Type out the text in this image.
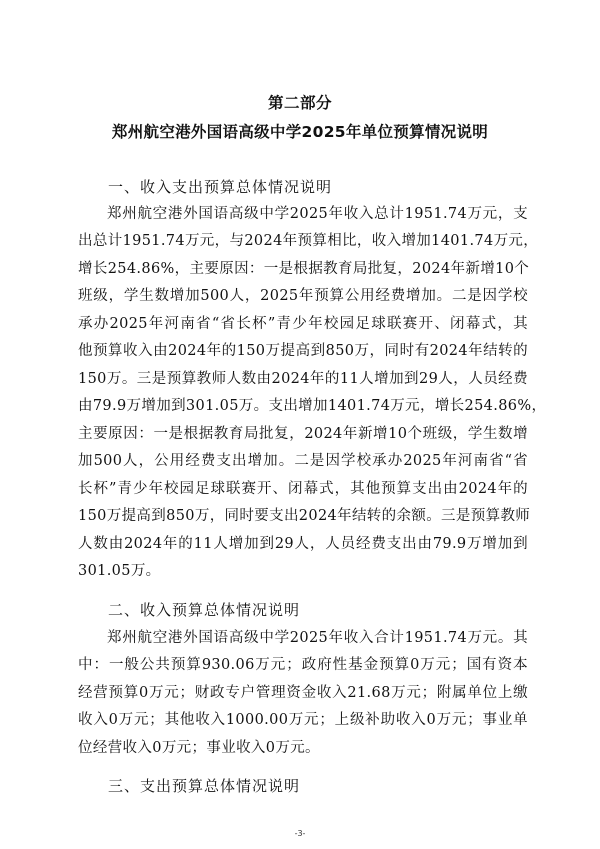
第二部分
郑州航空港外国语高级中学2025年单位预算情况说明
一、收入支出预算总体情况说明
郑州航空港外国语高级中学2025年收入总计1951.74万元，支
出总计1951.74万元，与2024年预算相比，收入增加1401.74万元，
增长254.86%，主要原因：一是根据教育局批复，2024年新增10个
班级，学生数增加500人，2025年预算公用经费增加。二是因学校
承办2025年河南省“省长杯”青少年校园足球联赛开、闭幕式，其
他预算收入由2024年的150万提高到850万，同时有2024年结转的
150万。三是预算教师人数由2024年的11人增加到29人，人员经费
由79.9万增加到301.05万。支出增加1401.74万元，增长254.86%，
主要原因：一是根据教育局批复，2024年新增10个班级，学生数增
加500人，公用经费支出增加。二是因学校承办2025年河南省“省
长杯”青少年校园足球联赛开、闭幕式，其他预算支出由2024年的
150万提高到850万，同时要支出2024年结转的余额。三是预算教师
人数由2024年的11人增加到29人，人员经费支出由79.9万增加到
301.05万。
二、收入预算总体情况说明
郑州航空港外国语高级中学2025年收入合计1951.74万元。其
中：一般公共预算930.06万元；政府性基金预算0万元；国有资本
经营预算0万元；财政专户管理资金收入21.68万元；附属单位上缴
收入0万元；其他收入1000.00万元；上级补助收入0万元；事业单
位经营收入0万元；事业收入0万元。
三、支出预算总体情况说明
-3-
